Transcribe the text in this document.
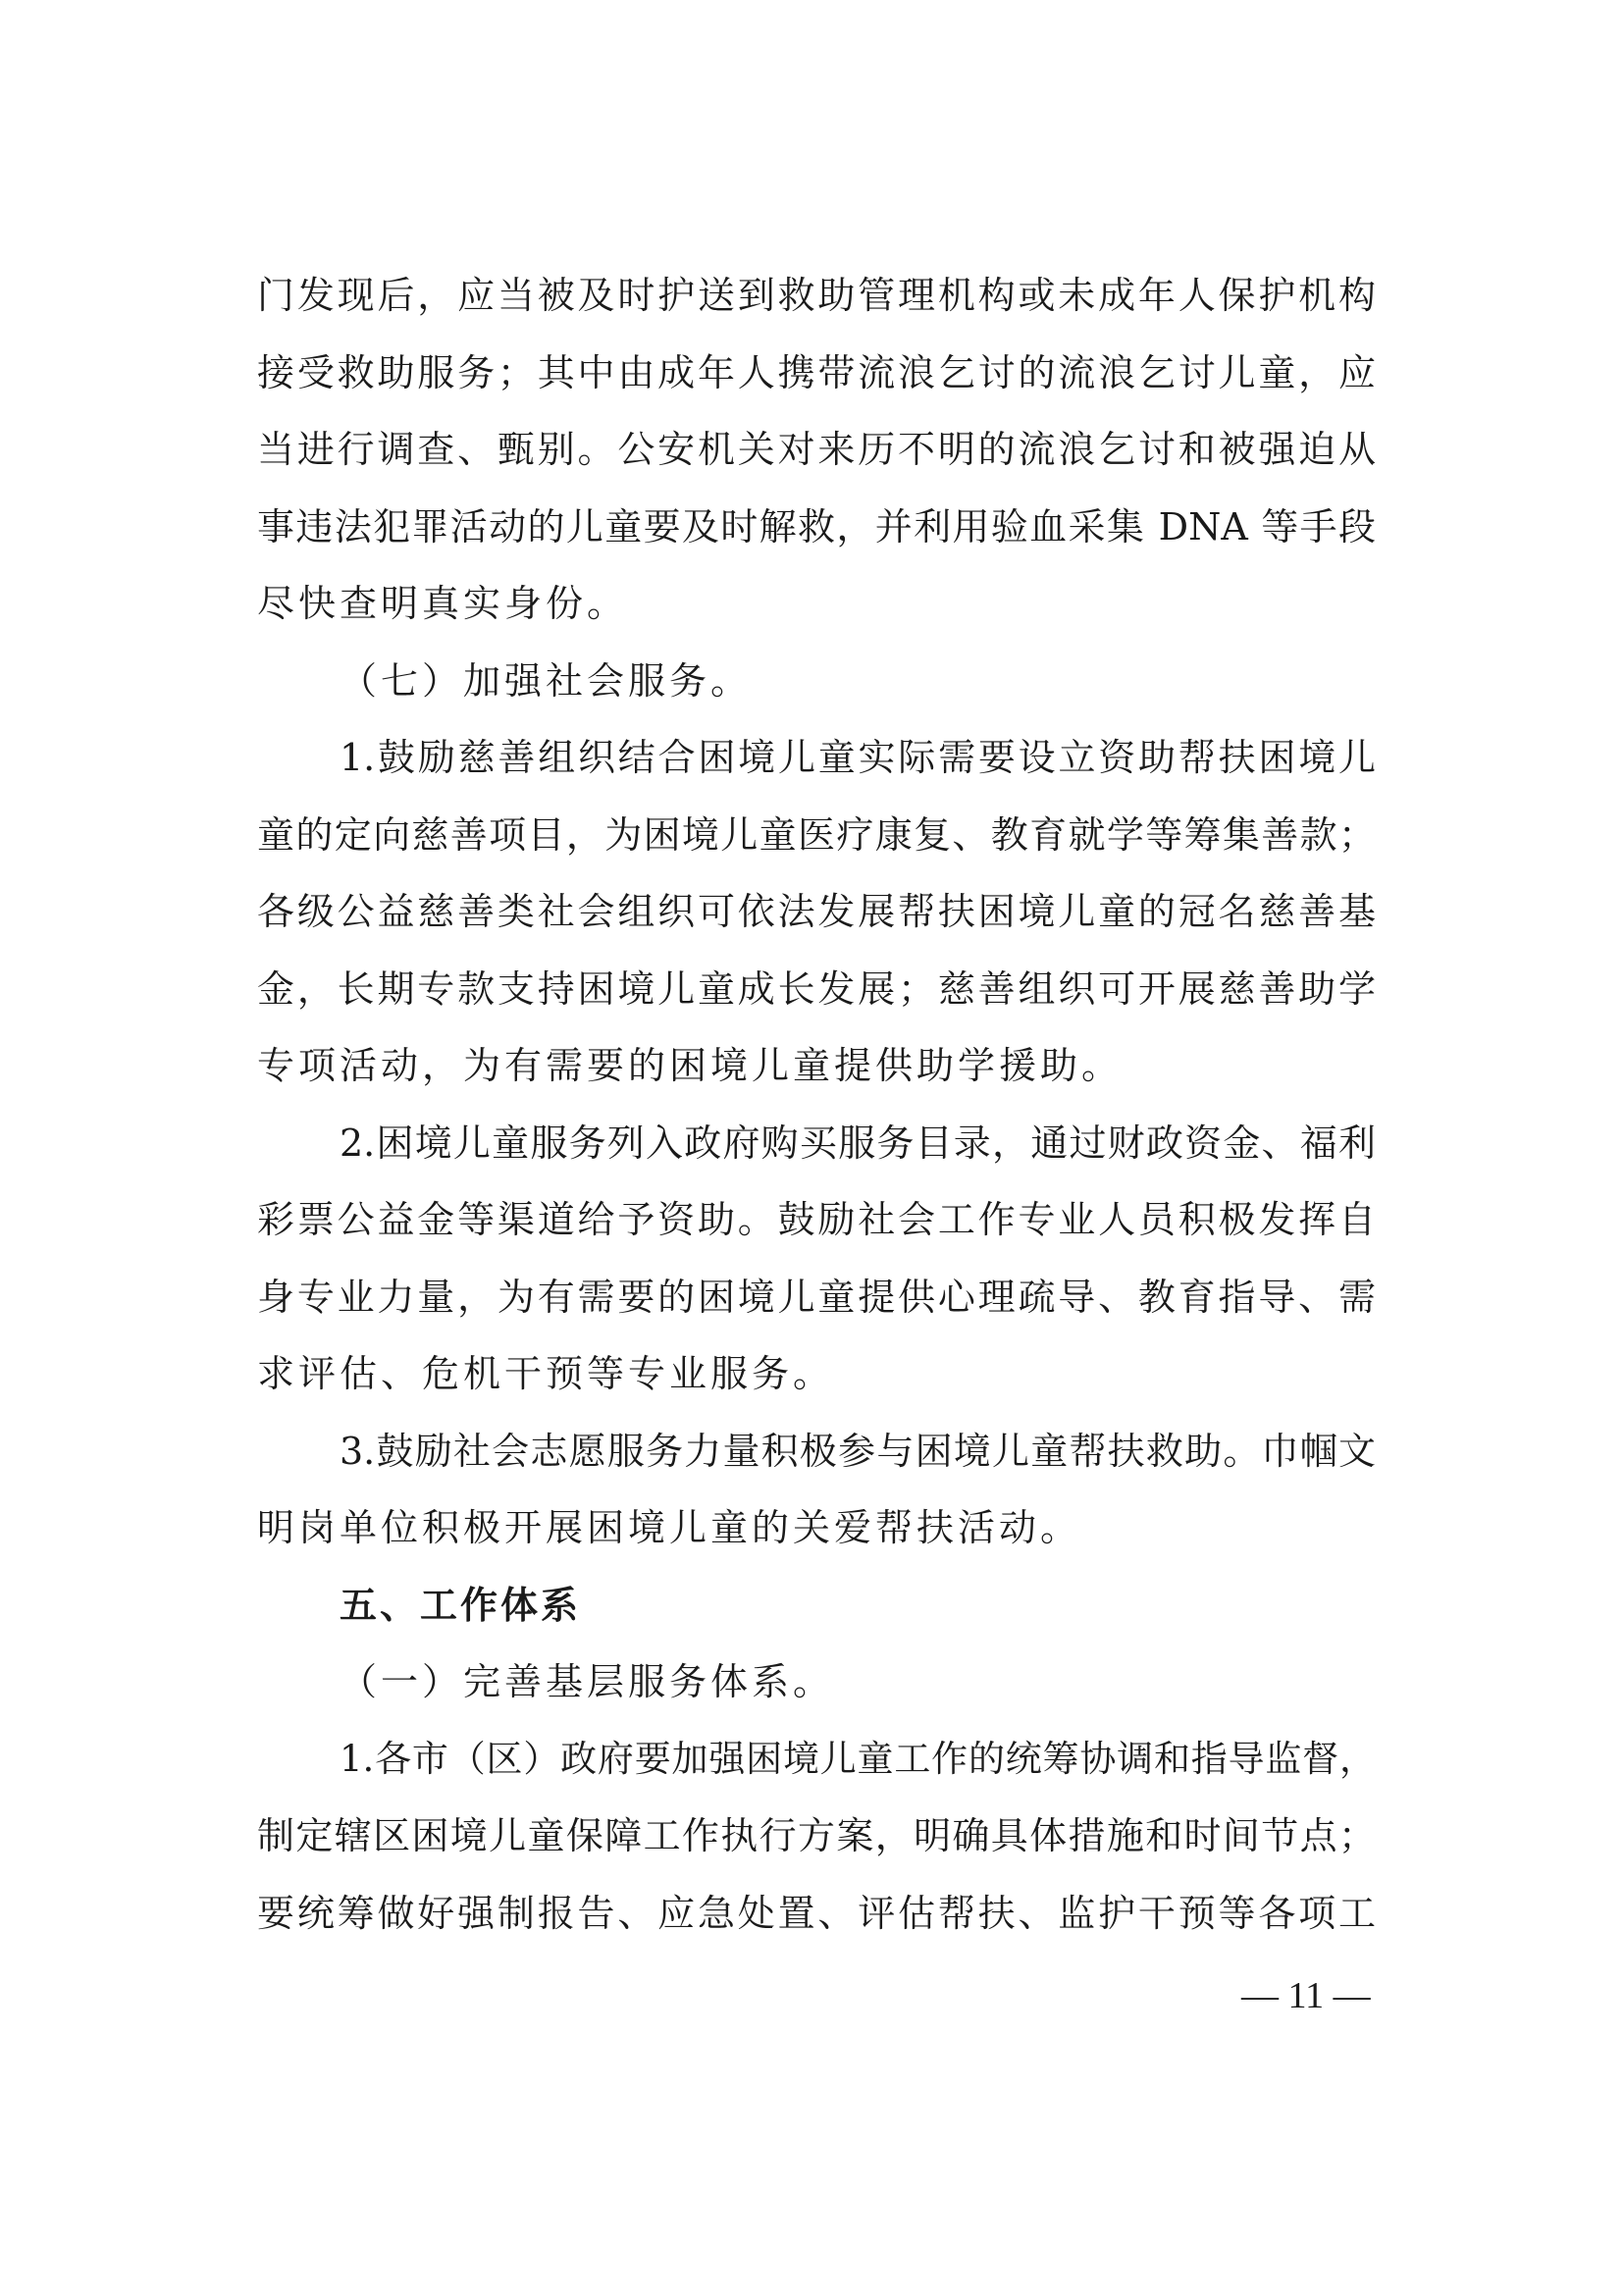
门发现后，应当被及时护送到救助管理机构或未成年人保护机构
接受救助服务；其中由成年人携带流浪乞讨的流浪乞讨儿童，应
当进行调查、甄别。公安机关对来历不明的流浪乞讨和被强迫从
事违法犯罪活动的儿童要及时解救，并利用验血采集 DNA 等手段
尽快查明真实身份。
（七）加强社会服务。
1.鼓励慈善组织结合困境儿童实际需要设立资助帮扶困境儿
童的定向慈善项目，为困境儿童医疗康复、教育就学等筹集善款；
各级公益慈善类社会组织可依法发展帮扶困境儿童的冠名慈善基
金，长期专款支持困境儿童成长发展；慈善组织可开展慈善助学
专项活动，为有需要的困境儿童提供助学援助。
2.困境儿童服务列入政府购买服务目录，通过财政资金、福利
彩票公益金等渠道给予资助。鼓励社会工作专业人员积极发挥自
身专业力量，为有需要的困境儿童提供心理疏导、教育指导、需
求评估、危机干预等专业服务。
3.鼓励社会志愿服务力量积极参与困境儿童帮扶救助。巾帼文
明岗单位积极开展困境儿童的关爱帮扶活动。
五、工作体系
（一）完善基层服务体系。
1.各市（区）政府要加强困境儿童工作的统筹协调和指导监督，
制定辖区困境儿童保障工作执行方案，明确具体措施和时间节点；
要统筹做好强制报告、应急处置、评估帮扶、监护干预等各项工
— 11 —
